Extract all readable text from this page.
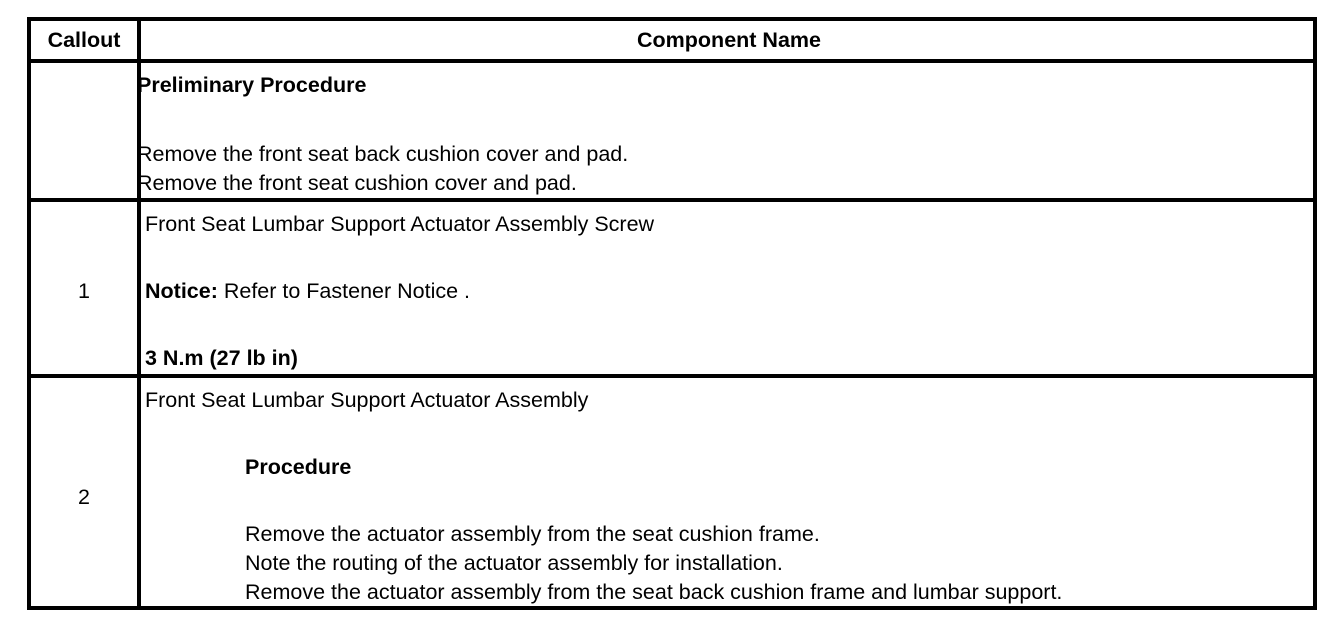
Callout	Component Name
Preliminary Procedure
Remove the front seat back cushion cover and pad.
Remove the front seat cushion cover and pad.
1
Front Seat Lumbar Support Actuator Assembly Screw
Notice: Refer to Fastener Notice .
3 N.m (27 lb in)
2
Front Seat Lumbar Support Actuator Assembly
Procedure
Remove the actuator assembly from the seat cushion frame.
Note the routing of the actuator assembly for installation.
Remove the actuator assembly from the seat back cushion frame and lumbar support.
